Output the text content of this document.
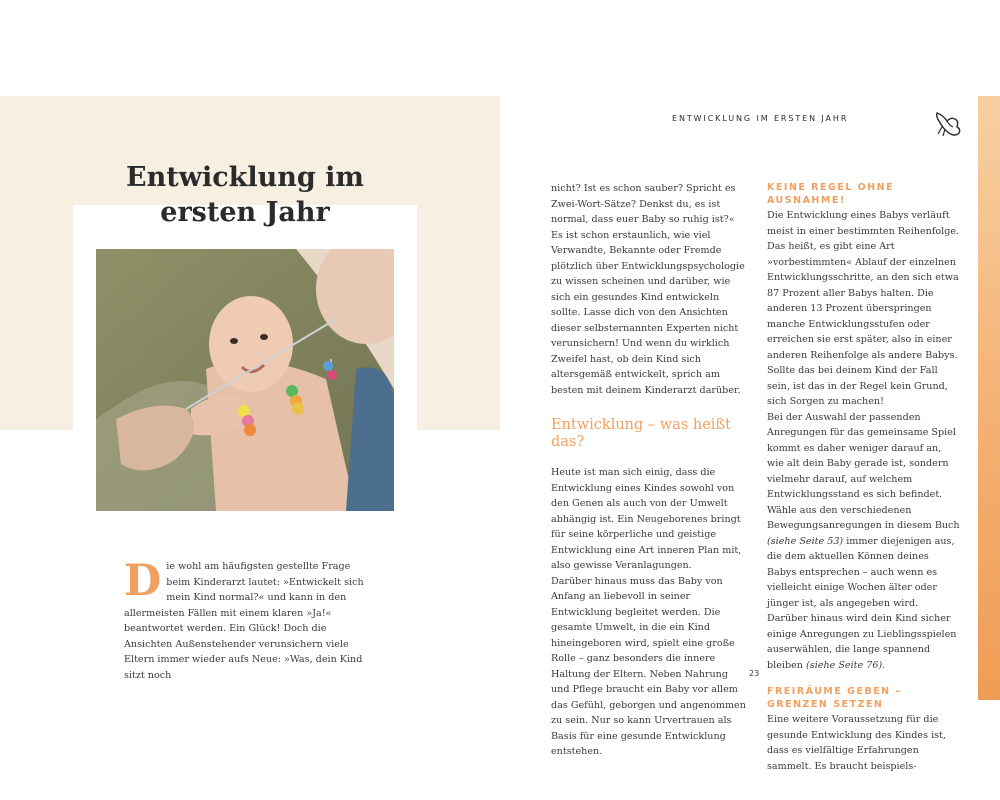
Entwicklung im ersten Jahr
D ie wohl am häufigsten gestellte Frage beim Kinderarzt lautet: »Entwickelt sich mein Kind normal?« und kann in den allermeisten Fällen mit einem klaren »Ja!« beantwortet werden. Ein Glück! Doch die Ansichten Außenstehender verunsichern viele Eltern immer wieder aufs Neue: »Was, dein Kind sitzt noch

ENTWICKLUNG IM ERSTEN JAHR

nicht? Ist es schon sauber? Spricht es Zwei-Wort-Sätze? Denkst du, es ist normal, dass euer Baby so ruhig ist?« Es ist schon erstaunlich, wie viel Verwandte, Bekannte oder Fremde plötzlich über Entwicklungspsychologie zu wissen scheinen und darüber, wie sich ein gesundes Kind entwickeln sollte. Lasse dich von den Ansichten dieser selbsternannten Experten nicht verunsichern! Und wenn du wirklich Zweifel hast, ob dein Kind sich altersgemäß entwickelt, sprich am besten mit deinem Kinderarzt darüber.

Entwicklung – was heißt das?

Heute ist man sich einig, dass die Entwicklung eines Kindes sowohl von den Genen als auch von der Umwelt abhängig ist. Ein Neugeborenes bringt für seine körperliche und geistige Entwicklung eine Art inneren Plan mit, also gewisse Veranlagungen.

Darüber hinaus muss das Baby von Anfang an liebevoll in seiner Entwicklung begleitet werden. Die gesamte Umwelt, in die ein Kind hineingeboren wird, spielt eine große Rolle – ganz besonders die innere Haltung der Eltern. Neben Nahrung und Pflege braucht ein Baby vor allem das Gefühl, geborgen und angenommen zu sein. Nur so kann Urvertrauen als Basis für eine gesunde Entwicklung entstehen.

KEINE REGEL OHNE AUSNAHME!

Die Entwicklung eines Babys verläuft meist in einer bestimmten Reihenfolge. Das heißt, es gibt eine Art »vorbestimmten« Ablauf der einzelnen Entwicklungsschritte, an den sich etwa 87 Prozent aller Babys halten. Die anderen 13 Prozent überspringen manche Entwicklungsstufen oder erreichen sie erst später, also in einer anderen Reihenfolge als andere Babys. Sollte das bei deinem Kind der Fall sein, ist das in der Regel kein Grund, sich Sorgen zu machen!

Bei der Auswahl der passenden Anregungen für das gemeinsame Spiel kommt es daher weniger darauf an, wie alt dein Baby gerade ist, sondern vielmehr darauf, auf welchem Entwicklungsstand es sich befindet. Wähle aus den verschiedenen Bewegungsanregungen in diesem Buch (siehe Seite 53) immer diejenigen aus, die dem aktuellen Können deines Babys entsprechen – auch wenn es vielleicht einige Wochen älter oder jünger ist, als angegeben wird. Darüber hinaus wird dein Kind sicher einige Anregungen zu Lieblingsspielen auserwählen, die lange spannend bleiben (siehe Seite 76).

FREIRÄUME GEBEN – GRENZEN SETZEN

Eine weitere Voraussetzung für die gesunde Entwicklung des Kindes ist, dass es vielfältige Erfahrungen sammelt. Es braucht beispiels-

23
